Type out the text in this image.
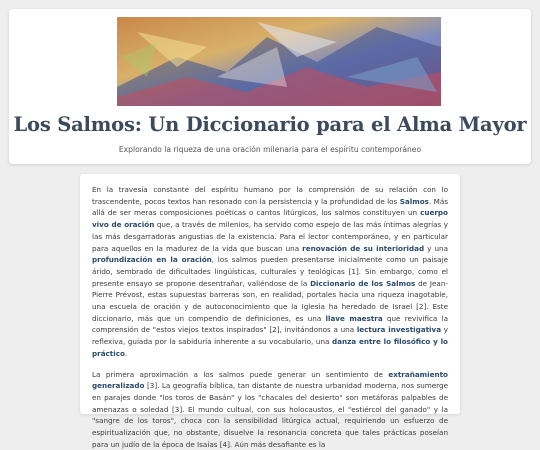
Los Salmos: Un Diccionario para el Alma Mayor
Explorando la riqueza de una oración milenaria para el espíritu contemporáneo

En la travesía constante del espíritu humano por la comprensión de su relación con lo trascendente, pocos textos han resonado con la persistencia y la profundidad de los Salmos. Más allá de ser meras composiciones poéticas o cantos litúrgicos, los salmos constituyen un cuerpo vivo de oración que, a través de milenios, ha servido como espejo de las más íntimas alegrías y las más desgarradoras angustias de la existencia. Para el lector contemporáneo, y en particular para aquellos en la madurez de la vida que buscan una renovación de su interioridad y una profundización en la oración, los salmos pueden presentarse inicialmente como un paisaje árido, sembrado de dificultades lingüísticas, culturales y teológicas [1]. Sin embargo, como el presente ensayo se propone desentrañar, valiéndose de la Diccionario de los Salmos de Jean-Pierre Prévost, estas supuestas barreras son, en realidad, portales hacia una riqueza inagotable, una escuela de oración y de autoconocimiento que la Iglesia ha heredado de Israel [2]. Este diccionario, más que un compendio de definiciones, es una llave maestra que revivifica la comprensión de "estos viejos textos inspirados" [2], invitándonos a una lectura investigativa y reflexiva, guiada por la sabiduría inherente a su vocabulario, una danza entre lo filosófico y lo práctico.

La primera aproximación a los salmos puede generar un sentimiento de extrañamiento generalizado [3]. La geografía bíblica, tan distante de nuestra urbanidad moderna, nos sumerge en parajes donde "los toros de Basán" y los "chacales del desierto" son metáforas palpables de amenazas o soledad [3]. El mundo cultual, con sus holocaustos, el "estiércol del ganado" y la "sangre de los toros", choca con la sensibilidad litúrgica actual, requiriendo un esfuerzo de espiritualización que, no obstante, disuelve la resonancia concreta que tales prácticas poseían para un judío de la época de Isaías [4]. Aún más desafiante es la
